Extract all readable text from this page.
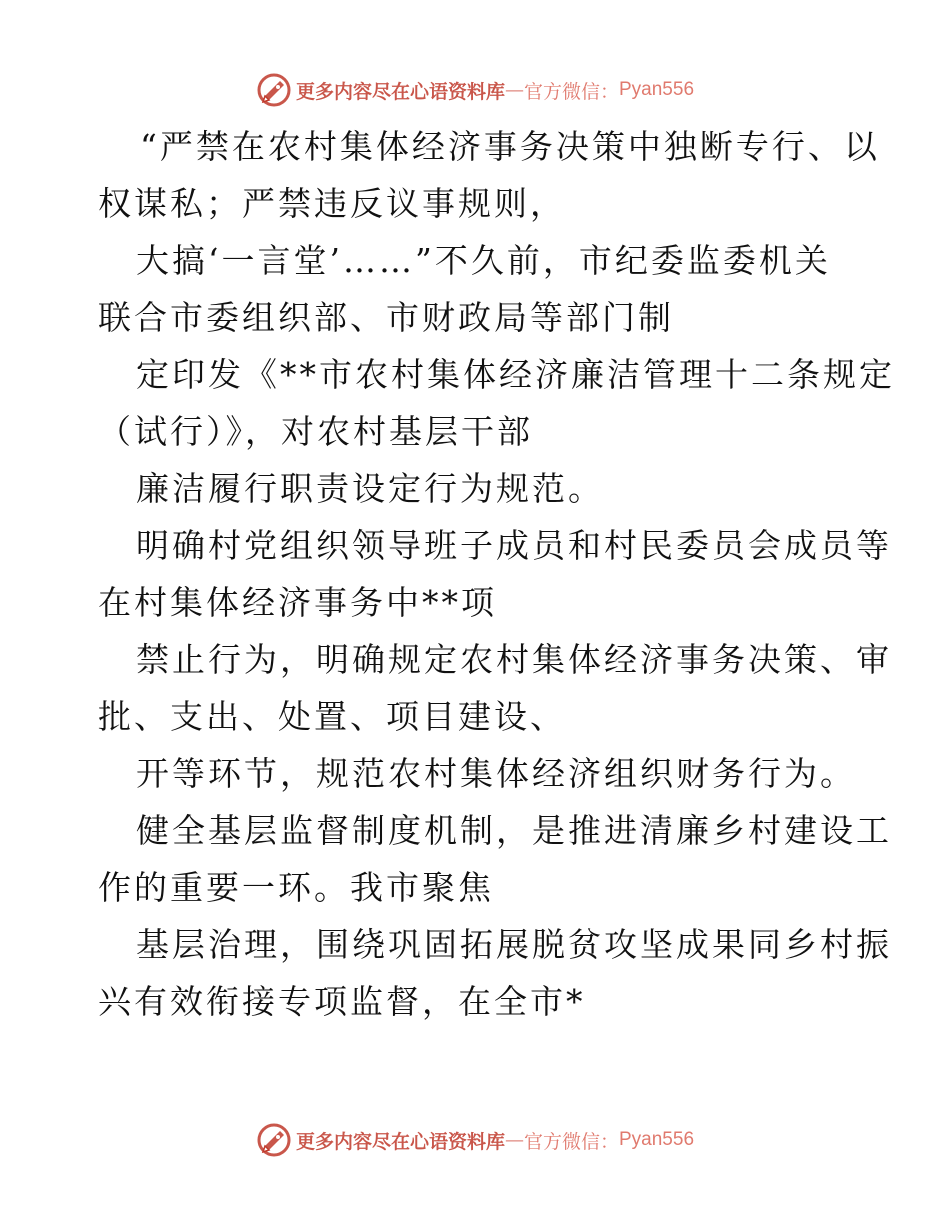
更多内容尽在心语资料库 — 官方微信： Pyan556

“严禁在农村集体经济事务决策中独断专行、以
权谋私；严禁违反议事规则，

大搞‘一言堂’……”不久前，市纪委监委机关
联合市委组织部、市财政局等部门制

定印发《**市农村集体经济廉洁管理十二条规定
（试行）》，对农村基层干部

廉洁履行职责设定行为规范。

明确村党组织领导班子成员和村民委员会成员等
在村集体经济事务中**项

禁止行为，明确规定农村集体经济事务决策、审
批、支出、处置、项目建设、

开等环节，规范农村集体经济组织财务行为。

健全基层监督制度机制，是推进清廉乡村建设工
作的重要一环。我市聚焦

基层治理，围绕巩固拓展脱贫攻坚成果同乡村振
兴有效衔接专项监督，在全市*

更多内容尽在心语资料库 — 官方微信： Pyan556
